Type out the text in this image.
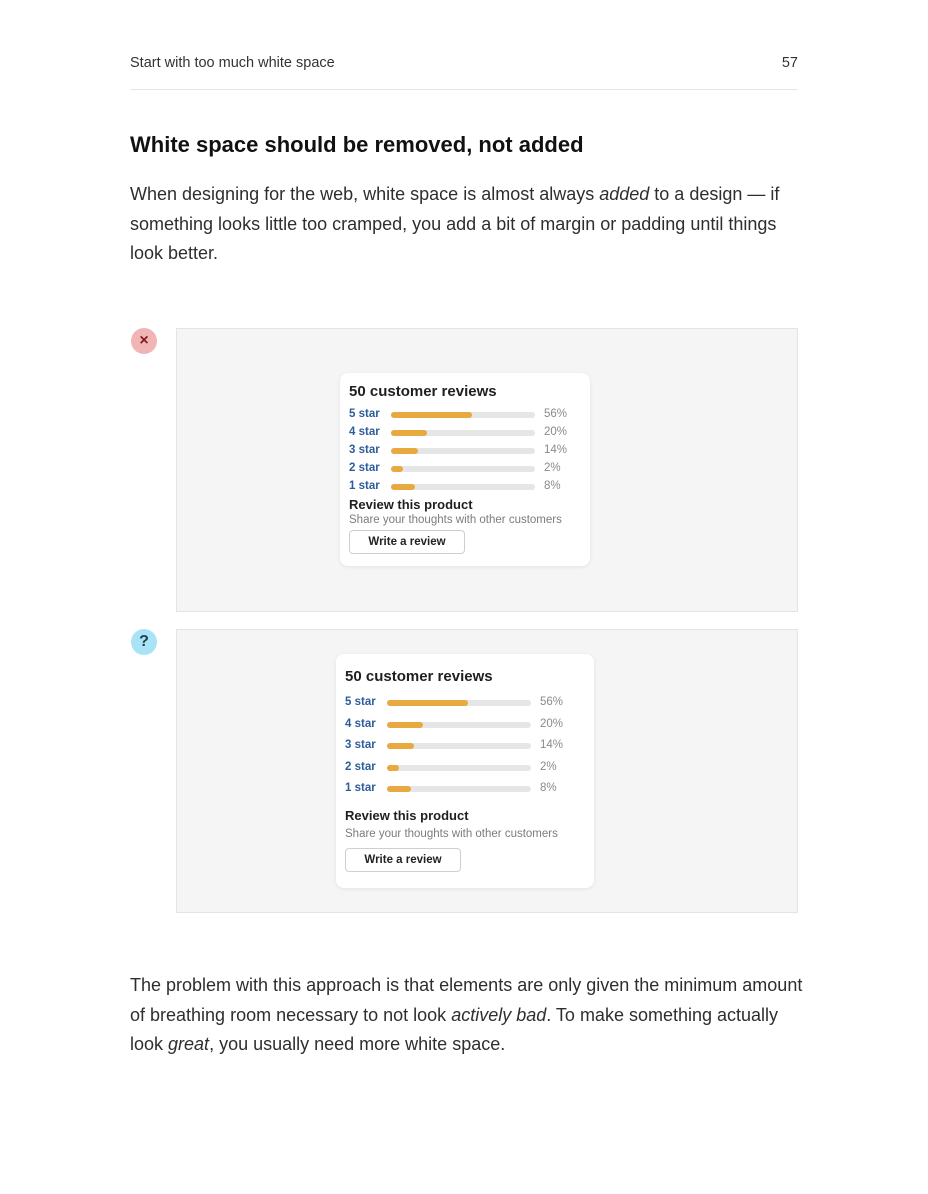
Start with too much white space	57
White space should be removed, not added

When designing for the web, white space is almost always added to a design — if something looks little too cramped, you add a bit of margin or padding until things look better.

×
50 customer reviews
5 star	56%
4 star	20%
3 star	14%
2 star	2%
1 star	8%
Review this product
Share your thoughts with other customers
Write a review
?
50 customer reviews
5 star	56%
4 star	20%
3 star	14%
2 star	2%
1 star	8%
Review this product
Share your thoughts with other customers
Write a review

The problem with this approach is that elements are only given the minimum amount of breathing room necessary to not look actively bad. To make something actually look great, you usually need more white space.
